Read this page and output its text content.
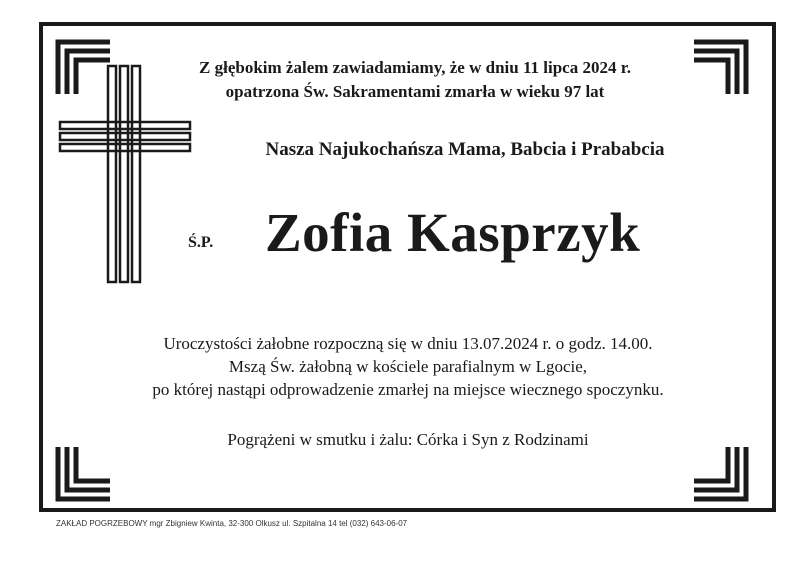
Z głębokim żalem zawiadamiamy, że w dniu 11 lipca 2024 r.
opatrzona Św. Sakramentami zmarła w wieku 97 lat
Nasza Najukochańsza Mama, Babcia i Prababcia
Ś.P. Zofia Kasprzyk
Uroczystości żałobne rozpoczną się w dniu 13.07.2024 r. o godz. 14.00.
Mszą Św. żałobną w kościele parafialnym w Lgocie,
po której nastąpi odprowadzenie zmarłej na miejsce wiecznego spoczynku.
Pogrążeni w smutku i żalu: Córka i Syn z Rodzinami
ZAKŁAD POGRZEBOWY mgr Zbigniew Kwinta, 32-300 Olkusz ul. Szpitalna 14 tel (032) 643-06-07
